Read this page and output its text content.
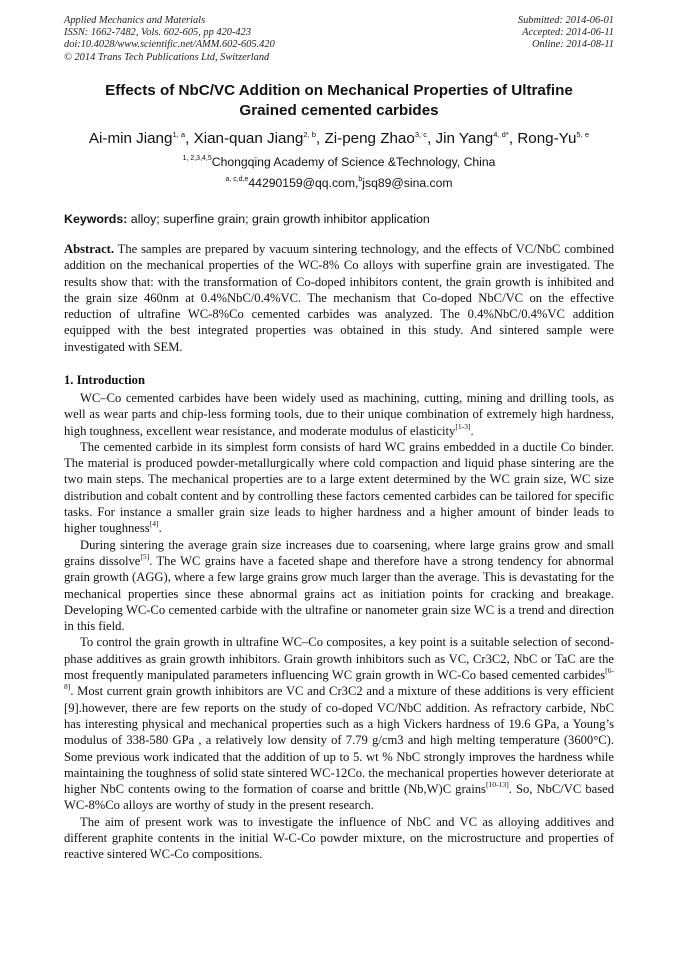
Applied Mechanics and Materials
ISSN: 1662-7482, Vols. 602-605, pp 420-423
doi:10.4028/www.scientific.net/AMM.602-605.420
© 2014 Trans Tech Publications Ltd, Switzerland
Submitted: 2014-06-01
Accepted: 2014-06-11
Online: 2014-08-11
Effects of NbC/VC Addition on Mechanical Properties of Ultrafine
Grained cemented carbides
Ai-min Jiang$^{1, a}$, Xian-quan Jiang$^{2, b}$, Zi-peng Zhao$^{3, c}$, Jin Yang$^{4, d*}$, Rong-Yu$^{5, e}$
$^{1, 2,3,4,5}$Chongqing Academy of Science &Technology, China
$^{a, c,d,e}$44290159@qq.com,$^b$jsq89@sina.com
Keywords: alloy; superfine grain; grain growth inhibitor application
Abstract. The samples are prepared by vacuum sintering technology, and the effects of VC/NbC combined addition on the mechanical properties of the WC-8% Co alloys with superfine grain are investigated. The results show that: with the transformation of Co-doped inhibitors content, the grain growth is inhibited and the grain size 460nm at 0.4%NbC/0.4%VC. The mechanism that Co-doped NbC/VC on the effective reduction of ultrafine WC-8%Co cemented carbides was analyzed. The 0.4%NbC/0.4%VC addition equipped with the best integrated properties was obtained in this study. And sintered sample were investigated with SEM.
1. Introduction

WC–Co cemented carbides have been widely used as machining, cutting, mining and drilling tools, as well as wear parts and chip-less forming tools, due to their unique combination of extremely high hardness, high toughness, excellent wear resistance, and moderate modulus of elasticity[1-3].

The cemented carbide in its simplest form consists of hard WC grains embedded in a ductile Co binder. The material is produced powder-metallurgically where cold compaction and liquid phase sintering are the two main steps. The mechanical properties are to a large extent determined by the WC grain size, WC size distribution and cobalt content and by controlling these factors cemented carbides can be tailored for specific tasks. For instance a smaller grain size leads to higher hardness and a higher amount of binder leads to higher toughness[4].

During sintering the average grain size increases due to coarsening, where large grains grow and small grains dissolve[5]. The WC grains have a faceted shape and therefore have a strong tendency for abnormal grain growth (AGG), where a few large grains grow much larger than the average. This is devastating for the mechanical properties since these abnormal grains act as initiation points for cracking and breakage. Developing WC-Co cemented carbide with the ultrafine or nanometer grain size WC is a trend and direction in this field.

To control the grain growth in ultrafine WC–Co composites, a key point is a suitable selection of second-phase additives as grain growth inhibitors. Grain growth inhibitors such as VC, Cr3C2, NbC or TaC are the most frequently manipulated parameters influencing WC grain growth in WC-Co based cemented carbides[6-8]. Most current grain growth inhibitors are VC and Cr3C2 and a mixture of these additions is very efficient [9].however, there are few reports on the study of co-doped VC/NbC addition. As refractory carbide, NbC has interesting physical and mechanical properties such as a high Vickers hardness of 19.6 GPa, a Young’s modulus of 338-580 GPa , a relatively low density of 7.79 g/cm3 and high melting temperature (3600°C). Some previous work indicated that the addition of up to 5. wt % NbC strongly improves the hardness while maintaining the toughness of solid state sintered WC-12Co. the mechanical properties however deteriorate at higher NbC contents owing to the formation of coarse and brittle (Nb,W)C grains[10-13]. So, NbC/VC based WC-8%Co alloys are worthy of study in the present research.

The aim of present work was to investigate the influence of NbC and VC as alloying additives and different graphite contents in the initial W-C-Co powder mixture, on the microstructure and properties of reactive sintered WC-Co compositions.
